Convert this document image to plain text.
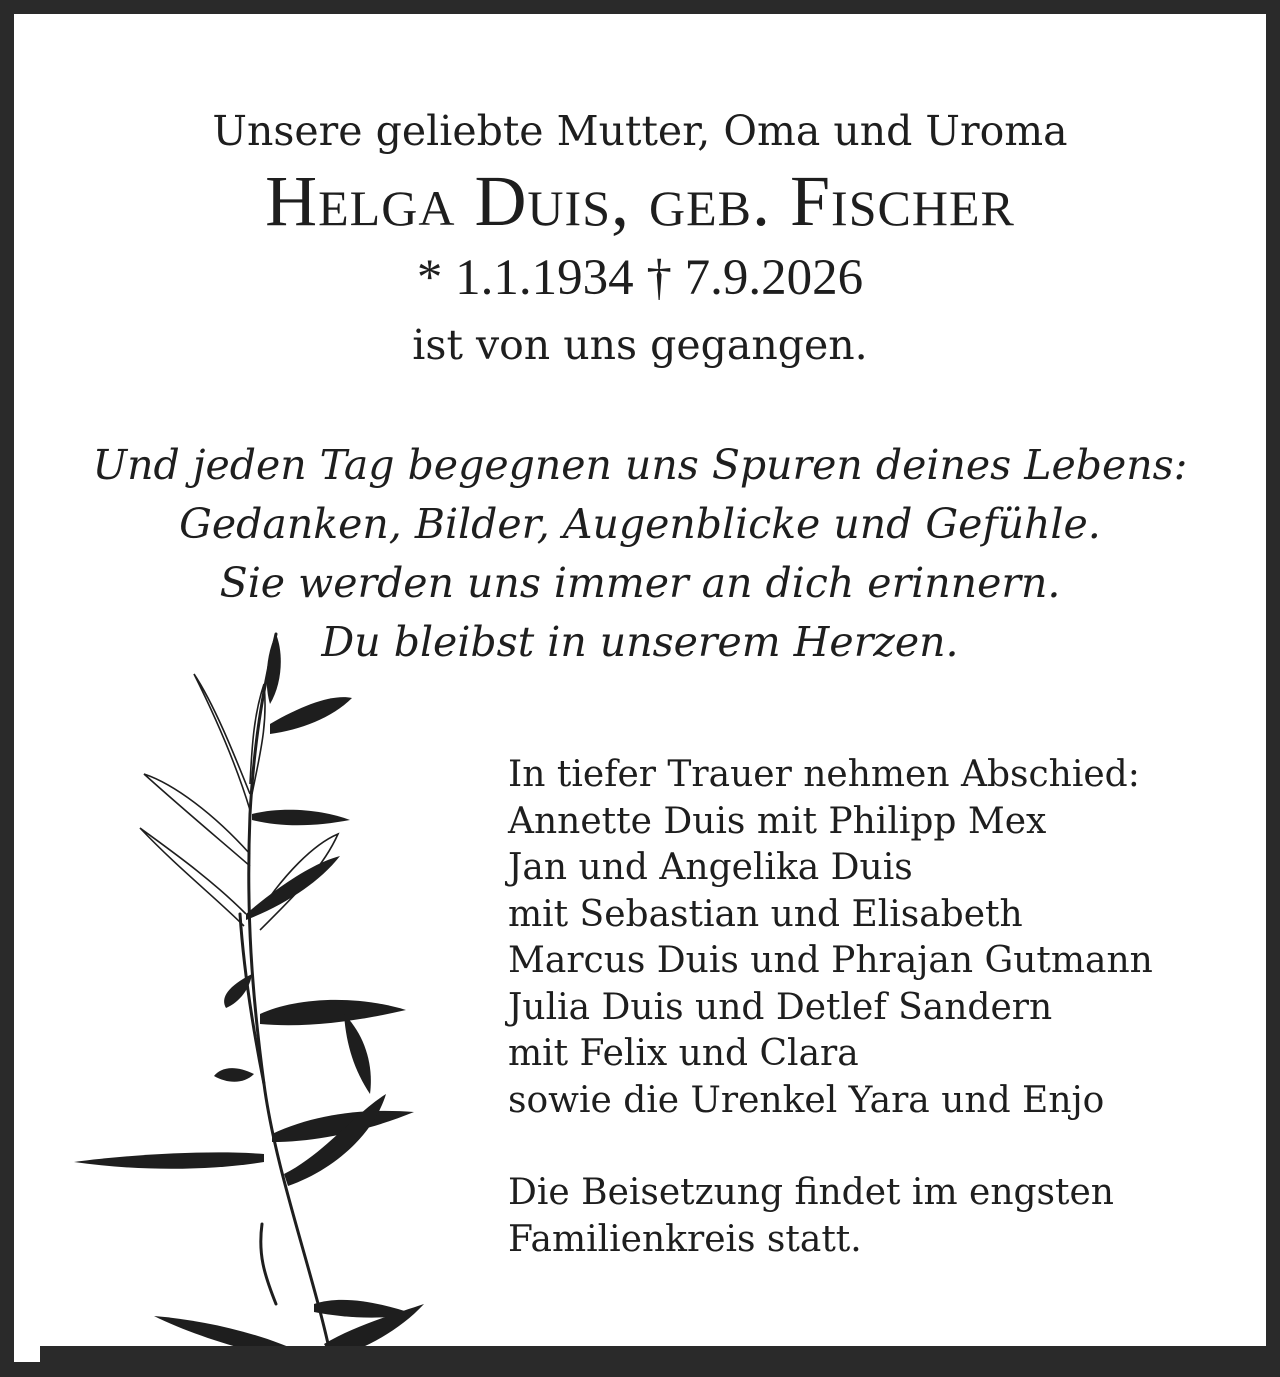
Unsere geliebte Mutter, Oma und Uroma
Helga Duis, geb. Fischer
* 1.1.1934 † 7.9.2026
ist von uns gegangen.
Und jeden Tag begegnen uns Spuren deines Lebens:
Gedanken, Bilder, Augenblicke und Gefühle.
Sie werden uns immer an dich erinnern.
Du bleibst in unserem Herzen.
In tiefer Trauer nehmen Abschied:
Annette Duis mit Philipp Mex
Jan und Angelika Duis
mit Sebastian und Elisabeth
Marcus Duis und Phrajan Gutmann
Julia Duis und Detlef Sandern
mit Felix und Clara
sowie die Urenkel Yara und Enjo
Die Beisetzung findet im engsten
Familienkreis statt.
